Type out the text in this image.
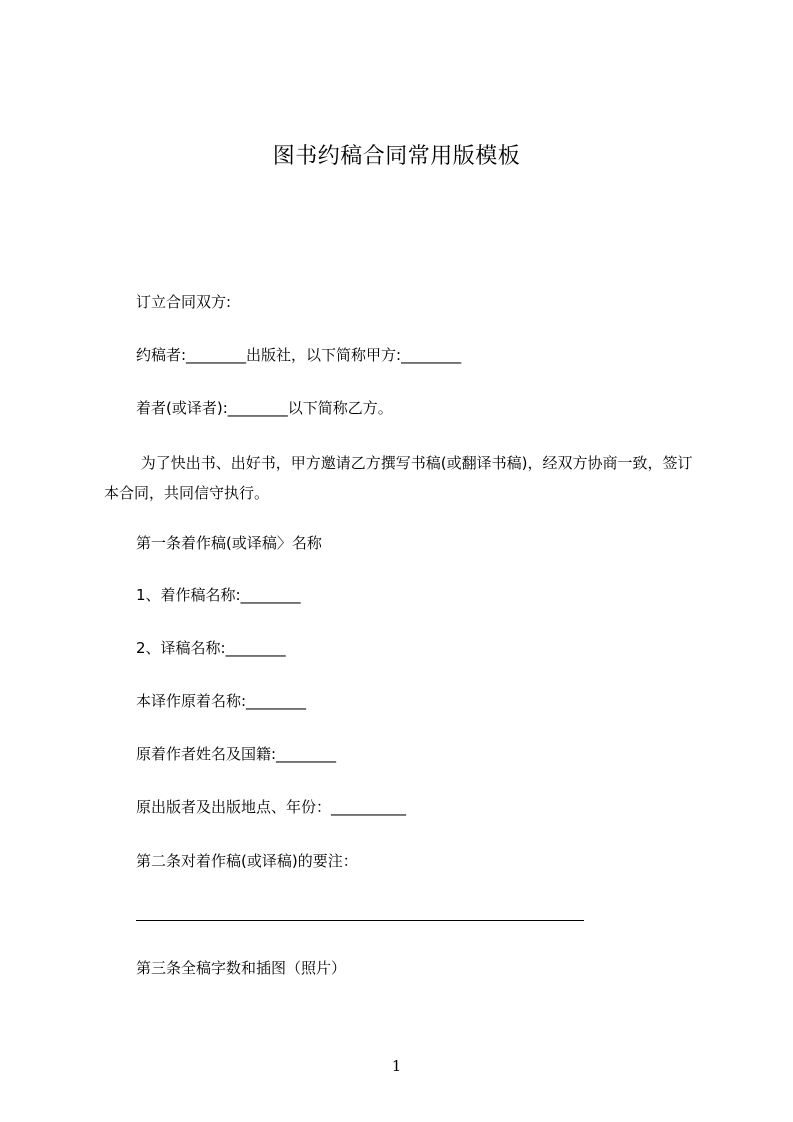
图书约稿合同常用版模板
订立合同双方:
约稿者:________出版社，以下简称甲方:________
着者(或译者):________以下简称乙方。
为了快出书、出好书，甲方邀请乙方撰写书稿(或翻译书稿)，经双方协商一致，签订本合同，共同信守执行。
第一条着作稿(或译稿〉名称
1、着作稿名称:________
2、译稿名称:________
本译作原着名称:________
原着作者姓名及国籍:________
原出版者及出版地点、年份：__________
第二条对着作稿(或译稿)的要注：
第三条全稿字数和插图（照片）
1
